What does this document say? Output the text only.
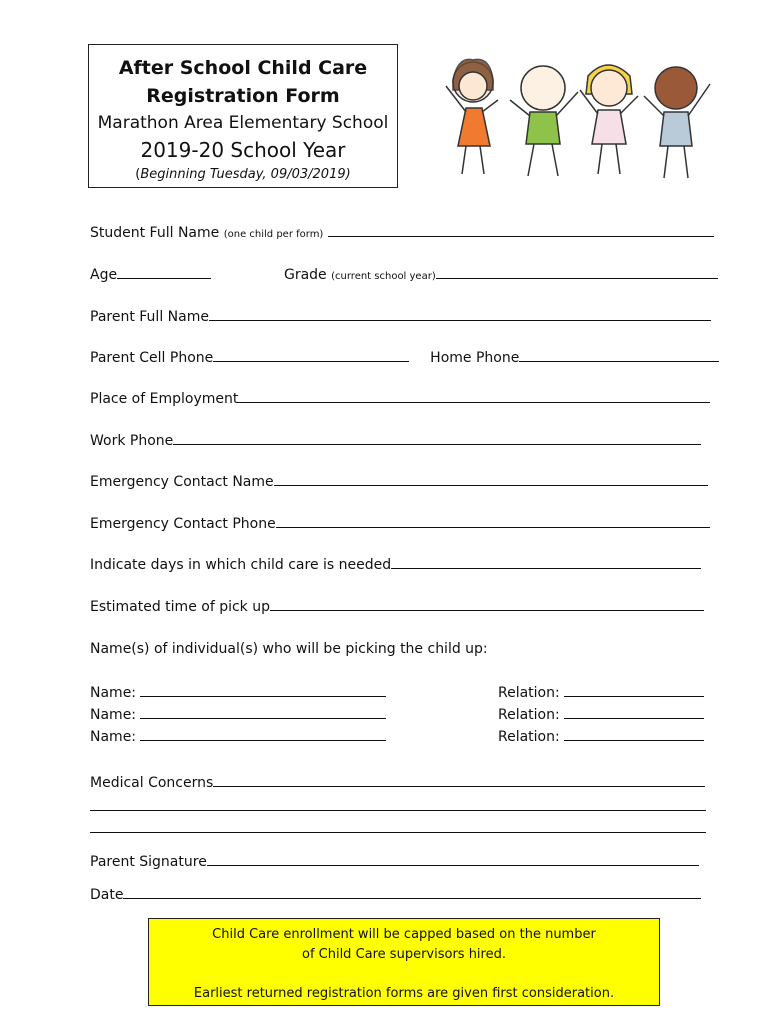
After School Child Care
Registration Form
Marathon Area Elementary School
2019-20 School Year
(Beginning Tuesday, 09/03/2019)
Student Full Name (one child per form)
Age	Grade (current school year)
Parent Full Name
Parent Cell Phone	Home Phone
Place of Employment
Work Phone
Emergency Contact Name
Emergency Contact Phone
Indicate days in which child care is needed
Estimated time of pick up
Name(s) of individual(s) who will be picking the child up:
Name:
Name:
Name:
Relation:
Relation:
Relation:
Medical Concerns
Parent Signature
Date
Child Care enrollment will be capped based on the number
of Child Care supervisors hired.
Earliest returned registration forms are given first consideration.
